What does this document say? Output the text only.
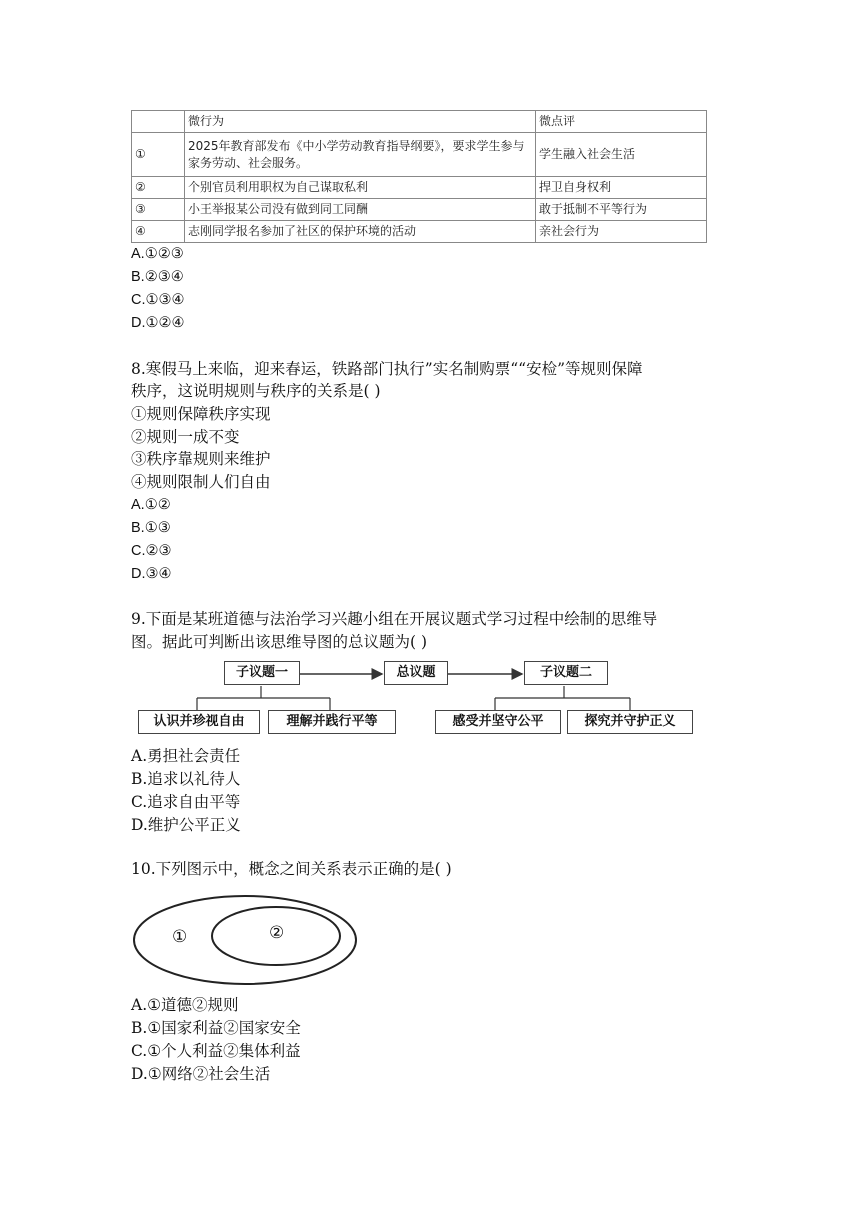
	微行为	微点评
①	2025年教育部发布《中小学劳动教育指导纲要》，要求学生参与家务劳动、社会服务。	学生融入社会生活
②	个别官员利用职权为自己谋取私利	捍卫自身权利
③	小王举报某公司没有做到同工同酬	敢于抵制不平等行为
④	志刚同学报名参加了社区的保护环境的活动	亲社会行为
A.①②③
B.②③④
C.①③④
D.①②④
8.寒假马上来临，迎来春运，铁路部门执行”实名制购票““安检”等规则保障
秩序，这说明规则与秩序的关系是( )
①规则保障秩序实现
②规则一成不变
③秩序靠规则来维护
④规则限制人们自由
A.①②
B.①③
C.②③
D.③④
9.下面是某班道德与法治学习兴趣小组在开展议题式学习过程中绘制的思维导
图。据此可判断出该思维导图的总议题为( )
子议题一	总议题	子议题二
认识并珍视自由	理解并践行平等	感受并坚守公平	探究并守护正义
A.勇担社会责任
B.追求以礼待人
C.追求自由平等
D.维护公平正义
10.下列图示中，概念之间关系表示正确的是( )
①	②
A.①道德②规则
B.①国家利益②国家安全
C.①个人利益②集体利益
D.①网络②社会生活
